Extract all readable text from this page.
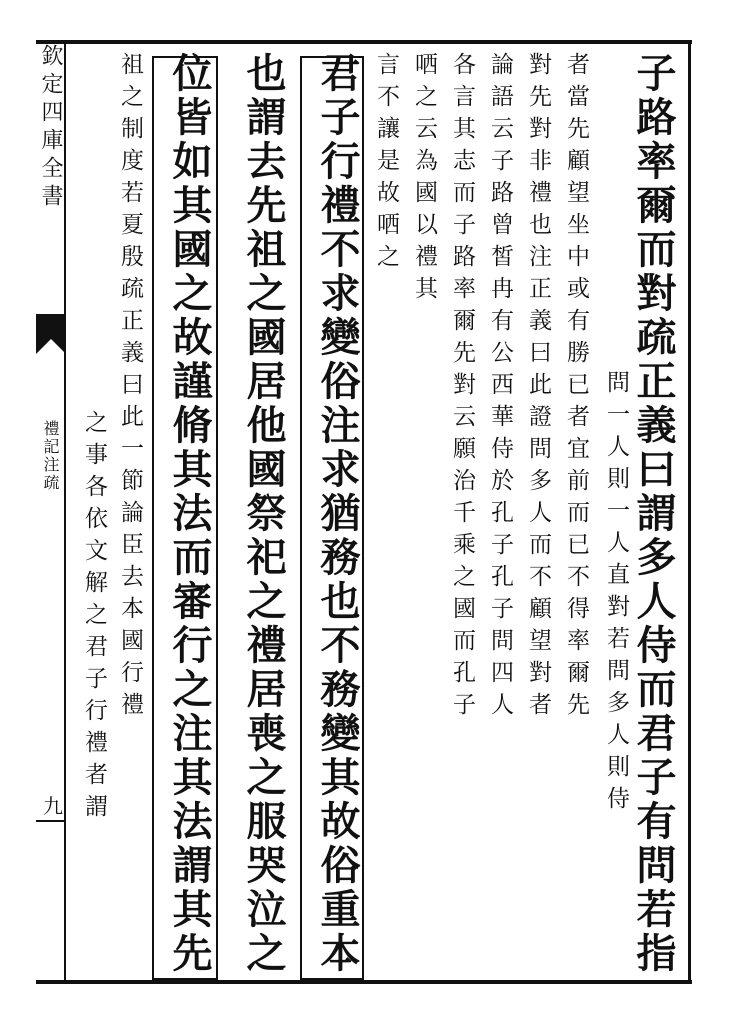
欽定四庫全書
禮記注疏
九	子路率爾而對疏正義曰謂多人侍而君子有問若指
問一人則一人直對若問多人則侍
者當先顧望坐中或有勝已者宜前而已不得率爾先
對先對非禮也注正義曰此證問多人而不顧望對者
論語云子路曾皙冉有公西華侍於孔子孔子問四人
各言其志而子路率爾先對云願治千乘之國而孔子
哂之云為國以禮其
言不讓是故哂之
君子行禮不求變俗注求猶務也不務變其故俗重本
也謂去先祖之國居他國祭祀之禮居喪之服哭泣之
位皆如其國之故謹脩其法而審行之注其法謂其先
祖之制度若夏殷疏正義曰此一節論臣去本國行禮
之事各依文解之君子行禮者謂
